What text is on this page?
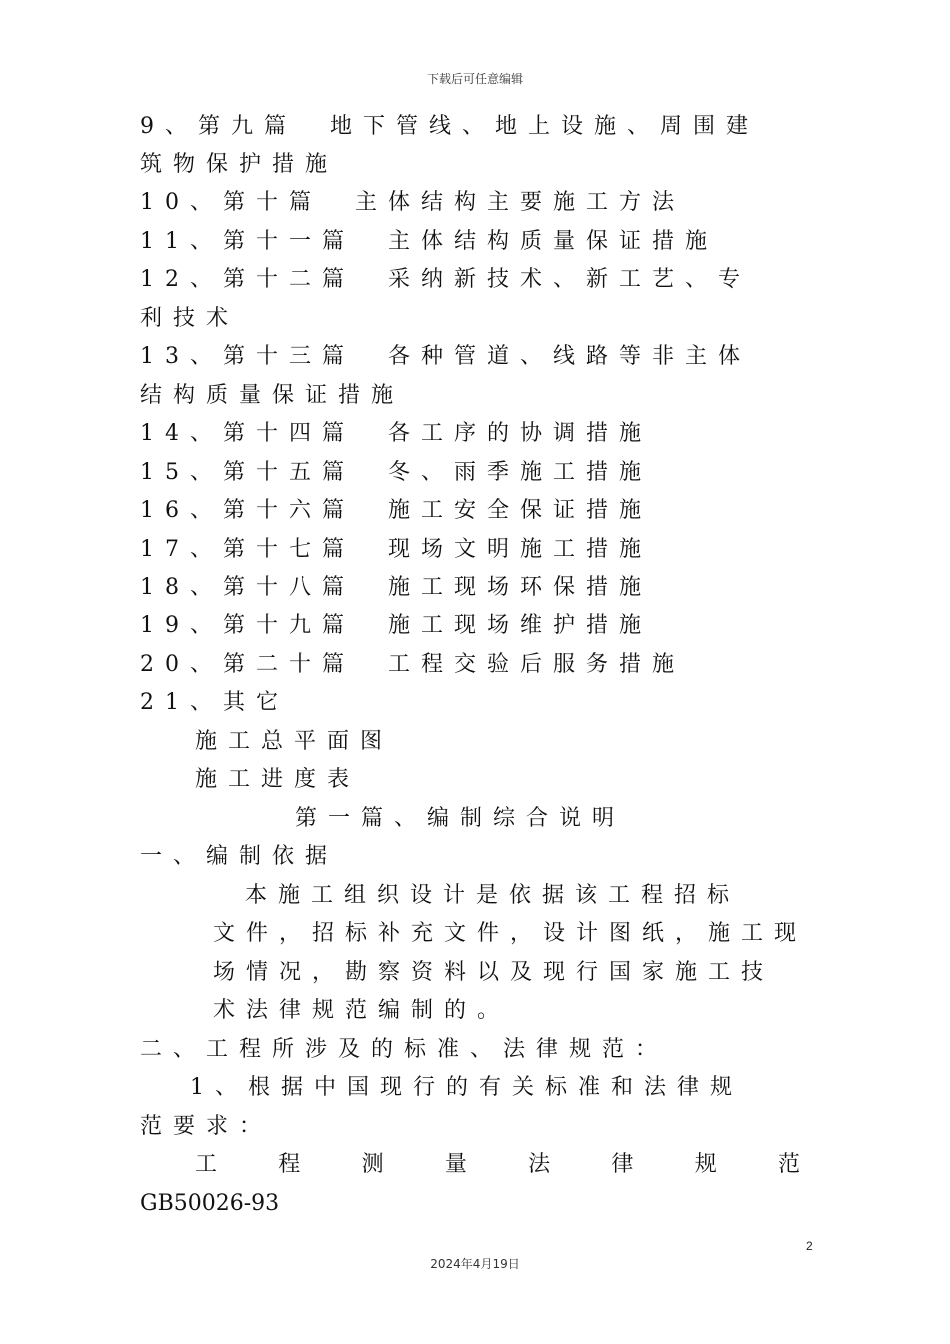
下载后可任意编辑
9、第九篇　地下管线、地上设施、周围建
筑物保护措施
10、第十篇　主体结构主要施工方法
11、第十一篇　主体结构质量保证措施
12、第十二篇　采纳新技术、新工艺、专
利技术
13、第十三篇　各种管道、线路等非主体
结构质量保证措施
14、第十四篇　各工序的协调措施
15、第十五篇　冬、雨季施工措施
16、第十六篇　施工安全保证措施
17、第十七篇　现场文明施工措施
18、第十八篇　施工现场环保措施
19、第十九篇　施工现场维护措施
20、第二十篇　工程交验后服务措施
21、其它
施工总平面图
施工进度表
第一篇、编制综合说明
一、编制依据
本施工组织设计是依据该工程招标
文件，招标补充文件，设计图纸，施工现
场情况，勘察资料以及现行国家施工技
术法律规范编制的。
二、工程所涉及的标准、法律规范：
1、根据中国现行的有关标准和法律规
范要求：
工程测量法律规范
GB50026-93
2
2024年4月19日
